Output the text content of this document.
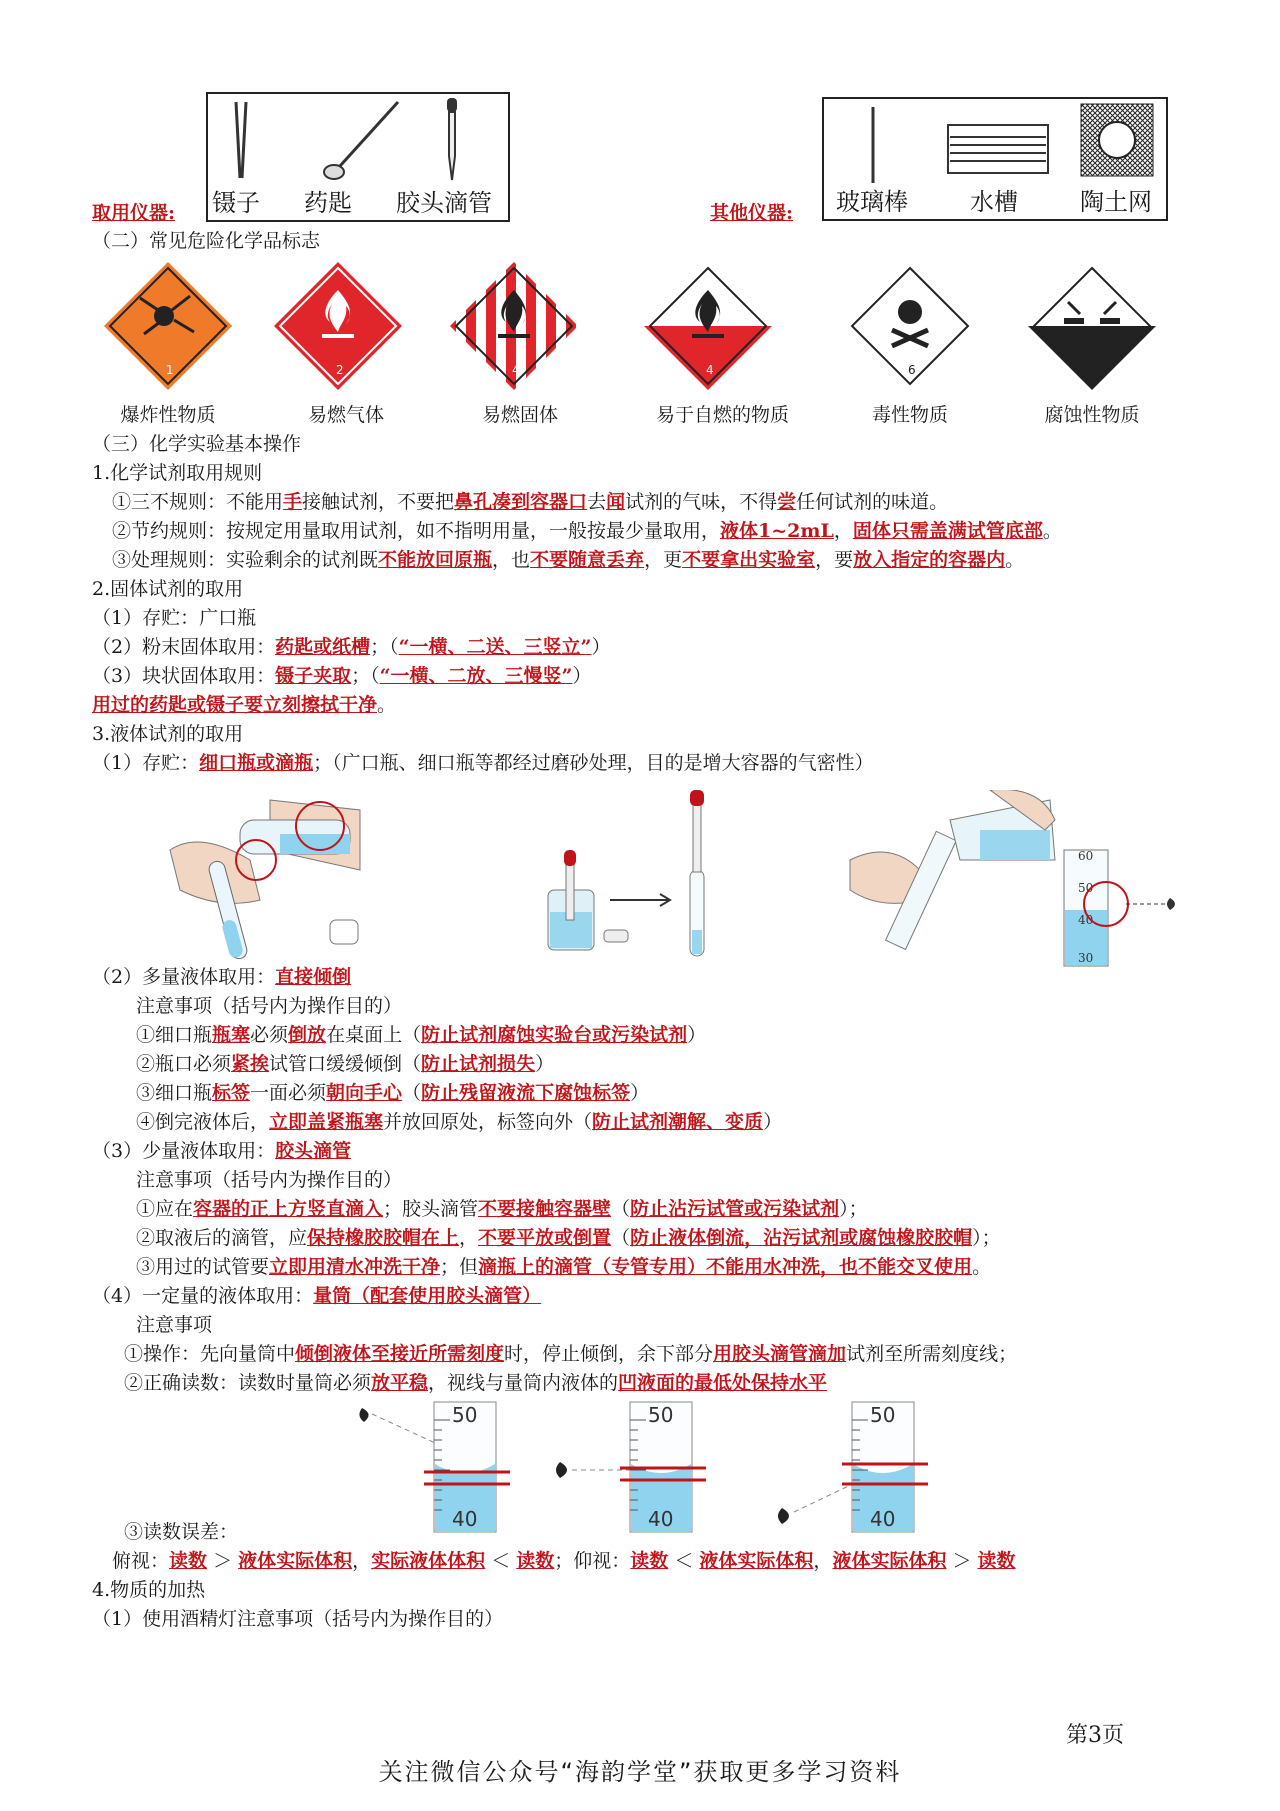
取用仪器: 镊子 药匙 胶头滴管	其他仪器: 玻璃棒	水槽	陶土网
（二）常见危险化学品标志
1
爆炸性物质
2
易燃气体
4
易燃固体
4
易于自燃的物质
6
毒性物质
8
腐蚀性物质
（三）化学实验基本操作
1.化学试剂取用规则
①三不规则：不能用手接触试剂，不要把鼻孔凑到容器口去闻试剂的气味，不得尝任何试剂的味道。
②节约规则：按规定用量取用试剂，如不指明用量，一般按最少量取用，液体1~2mL，固体只需盖满试管底部。
③处理规则：实验剩余的试剂既不能放回原瓶，也不要随意丢弃，更不要拿出实验室，要放入指定的容器内。
2.固体试剂的取用
（1）存贮：广口瓶
（2）粉末固体取用：药匙或纸槽；（“一横、二送、三竖立”）
（3）块状固体取用：镊子夹取；（“一横、二放、三慢竖”）
用过的药匙或镊子要立刻擦拭干净。
3.液体试剂的取用
（1）存贮：细口瓶或滴瓶；（广口瓶、细口瓶等都经过磨砂处理，目的是增大容器的气密性）
60
50
40
30
（2）多量液体取用：直接倾倒
注意事项（括号内为操作目的）
①细口瓶瓶塞必须倒放在桌面上（防止试剂腐蚀实验台或污染试剂）
②瓶口必须紧挨试管口缓缓倾倒（防止试剂损失）
③细口瓶标签一面必须朝向手心（防止残留液流下腐蚀标签）
④倒完液体后，立即盖紧瓶塞并放回原处，标签向外（防止试剂潮解、变质）
（3）少量液体取用：胶头滴管
注意事项（括号内为操作目的）
①应在容器的正上方竖直滴入；胶头滴管不要接触容器壁（防止沾污试管或污染试剂）；
②取液后的滴管，应保持橡胶胶帽在上，不要平放或倒置（防止液体倒流，沾污试剂或腐蚀橡胶胶帽）；
③用过的试管要立即用清水冲洗干净；但滴瓶上的滴管（专管专用）不能用水冲洗，也不能交叉使用。
（4）一定量的液体取用：量筒（配套使用胶头滴管）
注意事项
①操作：先向量筒中倾倒液体至接近所需刻度时，停止倾倒，余下部分用胶头滴管滴加试剂至所需刻度线；
②正确读数：读数时量筒必须放平稳，视线与量筒内液体的凹液面的最低处保持水平
50
40
50
40
50
40
③读数误差：
俯视：读数 ＞ 液体实际体积，实际液体体积 ＜ 读数；仰视：读数 ＜ 液体实际体积，液体实际体积 ＞ 读数
4.物质的加热
（1）使用酒精灯注意事项（括号内为操作目的）
第3页
关注微信公众号“海韵学堂”获取更多学习资料
